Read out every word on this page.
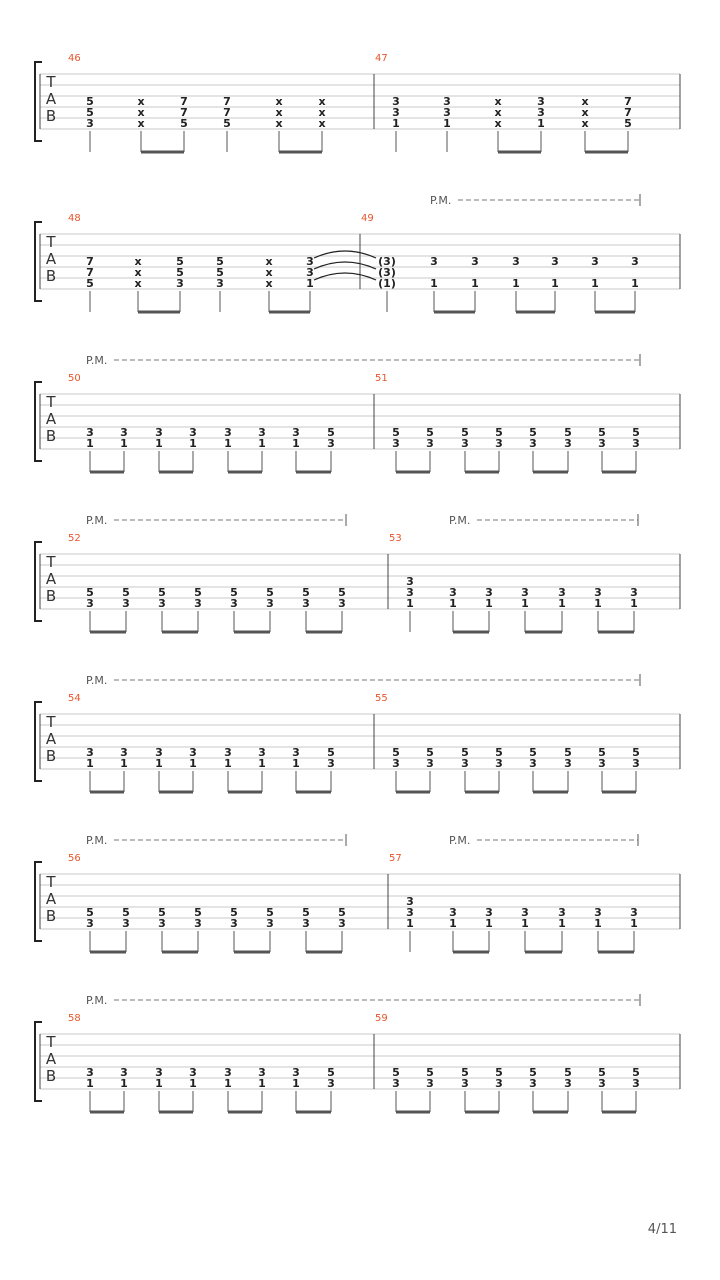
T
A
B
46
5
5
3
x
x
x
7
7
5
7
7
5
x
x
x
x
x
x
47
3
3
1
3
3
1
x
x
x
3
3
1
x
x
x
7
7
5
T
A
B
48
7
7
5
x
x
x
5
5
3
5
5
3
x
x
x
3
3
1
49
(3)
(3)
(1)
3
1
3
1
3
1
3
1
3
1
3
1
P.M.
T
A
B
50
3
1
3
1
3
1
3
1
3
1
3
1
3
1
5
3
51
5
3
5
3
5
3
5
3
5
3
5
3
5
3
5
3
P.M.
T
A
B
52
5
3
5
3
5
3
5
3
5
3
5
3
5
3
5
3
53
3
3
1
3
1
3
1
3
1
3
1
3
1
3
1
P.M.	P.M.
T
A
B
54
3
1
3
1
3
1
3
1
3
1
3
1
3
1
5
3
55
5
3
5
3
5
3
5
3
5
3
5
3
5
3
5
3
P.M.
T
A
B
56
5
3
5
3
5
3
5
3
5
3
5
3
5
3
5
3
57
3
3
1
3
1
3
1
3
1
3
1
3
1
3
1
P.M.	P.M.
T
A
B
58
3
1
3
1
3
1
3
1
3
1
3
1
3
1
5
3
59
5
3
5
3
5
3
5
3
5
3
5
3
5
3
5
3
P.M.
4/11
